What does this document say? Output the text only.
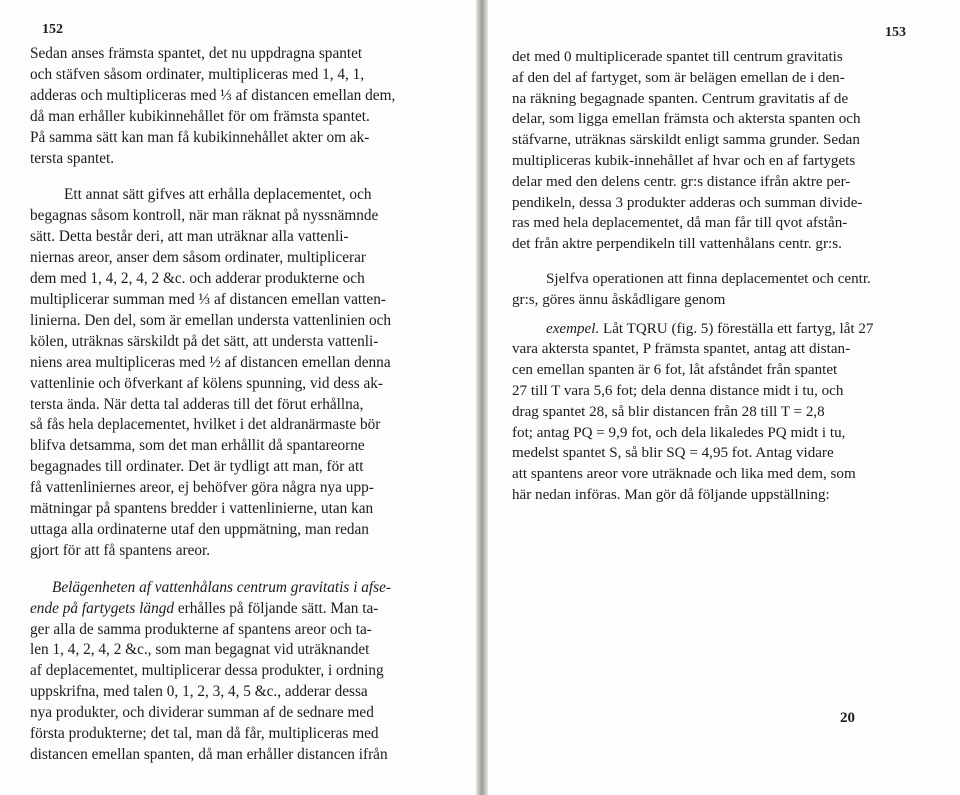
152
Sedan anses främsta spantet, det nu uppdragna spantet
och stäfven såsom ordinater, multipliceras med 1, 4, 1,
adderas och multipliceras med ⅓ af distancen emellan dem,
då man erhåller kubikinnehållet för om främsta spantet.
På samma sätt kan man få kubikinnehållet akter om ak-
tersta spantet.
Ett annat sätt gifves att erhålla deplacementet, och
begagnas såsom kontroll, när man räknat på nyssnämnde
sätt. Detta består deri, att man uträknar alla vattenli-
niernas areor, anser dem såsom ordinater, multiplicerar
dem med 1, 4, 2, 4, 2 &c. och adderar produkterne och
multiplicerar summan med ⅓ af distancen emellan vatten-
linierna. Den del, som är emellan understa vattenlinien och
kölen, uträknas särskildt på det sätt, att understa vattenli-
niens area multipliceras med ½ af distancen emellan denna
vattenlinie och öfverkant af kölens spunning, vid dess ak-
tersta ända. När detta tal adderas till det förut erhållna,
så fås hela deplacementet, hvilket i det aldranärmaste bör
blifva detsamma, som det man erhållit då spantareorne
begagnades till ordinater. Det är tydligt att man, för att
få vattenliniernes areor, ej behöfver göra några nya upp-
mätningar på spantens bredder i vattenlinierne, utan kan
uttaga alla ordinaterne utaf den uppmätning, man redan
gjort för att få spantens areor.
Belägenheten af vattenhålans centrum gravitatis i afse-
ende på fartygets längd erhålles på följande sätt. Man ta-
ger alla de samma produkterne af spantens areor och ta-
len 1, 4, 2, 4, 2 &c., som man begagnat vid uträknandet
af deplacementet, multiplicerar dessa produkter, i ordning
uppskrifna, med talen 0, 1, 2, 3, 4, 5 &c., adderar dessa
nya produkter, och dividerar summan af de sednare med
första produkterne; det tal, man då får, multipliceras med
distancen emellan spanten, då man erhåller distancen ifrån
153
det med 0 multiplicerade spantet till centrum gravitatis
af den del af fartyget, som är belägen emellan de i den-
na räkning begagnade spanten. Centrum gravitatis af de
delar, som ligga emellan främsta och aktersta spanten och
stäfvarne, uträknas särskildt enligt samma grunder. Sedan
multipliceras kubik-innehållet af hvar och en af fartygets
delar med den delens centr. gr:s distance ifrån aktre per-
pendikeln, dessa 3 produkter adderas och summan divide-
ras med hela deplacementet, då man får till qvot afstån-
det från aktre perpendikeln till vattenhålans centr. gr:s.
Sjelfva operationen att finna deplacementet och centr.
gr:s, göres ännu åskådligare genom
exempel. Låt TQRU (fig. 5) föreställa ett fartyg, låt 27
vara aktersta spantet, P främsta spantet, antag att distan-
cen emellan spanten är 6 fot, låt afståndet från spantet
27 till T vara 5,6 fot; dela denna distance midt i tu, och
drag spantet 28, så blir distancen från 28 till T = 2,8
fot; antag PQ = 9,9 fot, och dela likaledes PQ midt i tu,
medelst spantet S, så blir SQ = 4,95 fot. Antag vidare
att spantens areor vore uträknade och lika med dem, som
här nedan införas. Man gör då följande uppställning:
20
